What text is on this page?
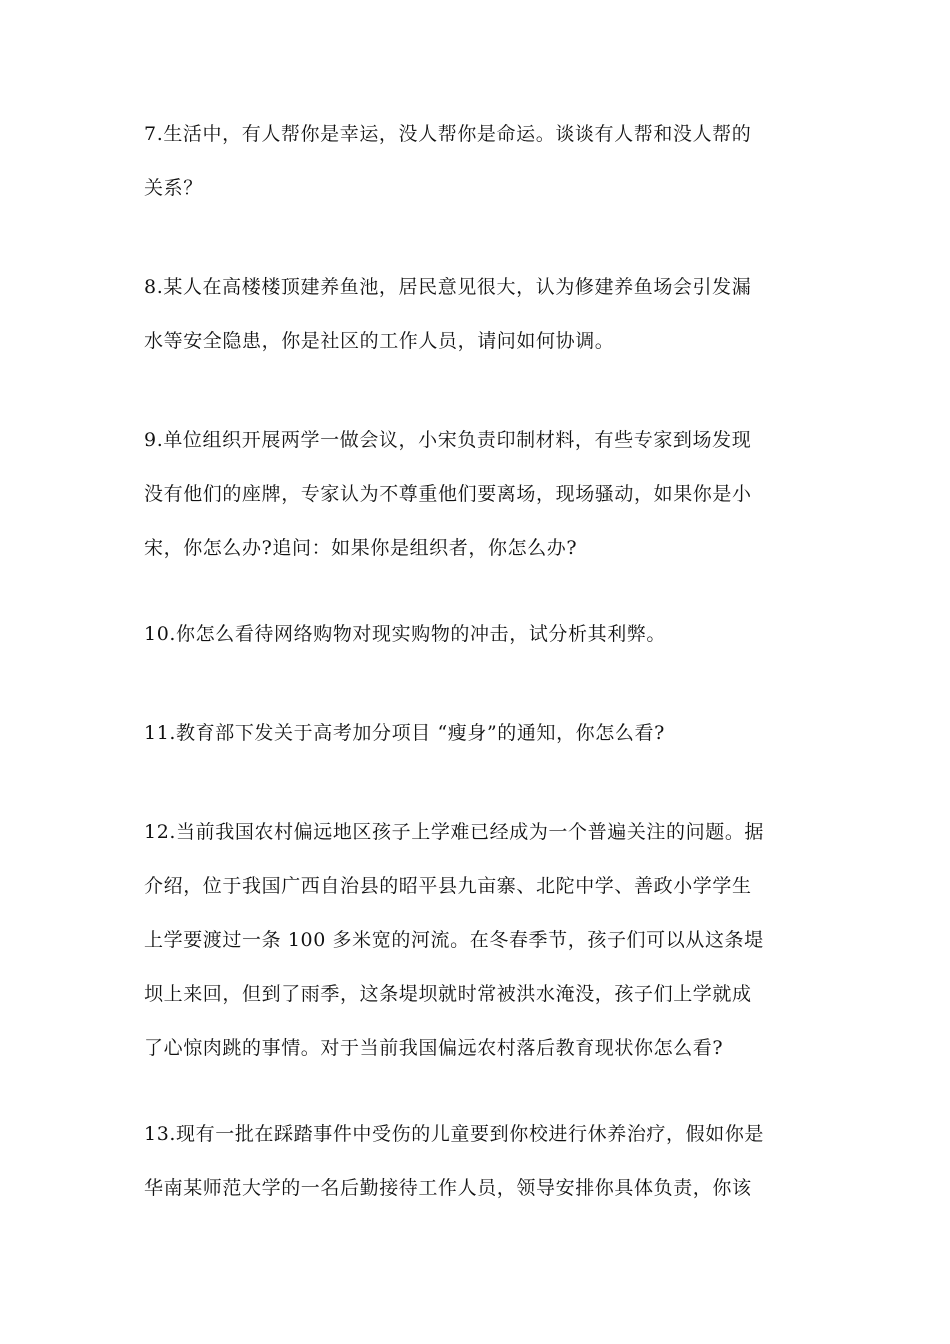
7.生活中，有人帮你是幸运，没人帮你是命运。谈谈有人帮和没人帮的
关系？

8.某人在高楼楼顶建养鱼池，居民意见很大，认为修建养鱼场会引发漏
水等安全隐患，你是社区的工作人员，请问如何协调。

9.单位组织开展两学一做会议，小宋负责印制材料，有些专家到场发现
没有他们的座牌，专家认为不尊重他们要离场，现场骚动，如果你是小
宋，你怎么办?追问：如果你是组织者，你怎么办?

10.你怎么看待网络购物对现实购物的冲击，试分析其利弊。

11.教育部下发关于高考加分项目 “瘦身”的通知，你怎么看?

12.当前我国农村偏远地区孩子上学难已经成为一个普遍关注的问题。据
介绍，位于我国广西自治县的昭平县九亩寨、北陀中学、善政小学学生
上学要渡过一条 100 多米宽的河流。在冬春季节，孩子们可以从这条堤
坝上来回，但到了雨季，这条堤坝就时常被洪水淹没，孩子们上学就成
了心惊肉跳的事情。对于当前我国偏远农村落后教育现状你怎么看?

13.现有一批在踩踏事件中受伤的儿童要到你校进行休养治疗，假如你是
华南某师范大学的一名后勤接待工作人员，领导安排你具体负责，你该
